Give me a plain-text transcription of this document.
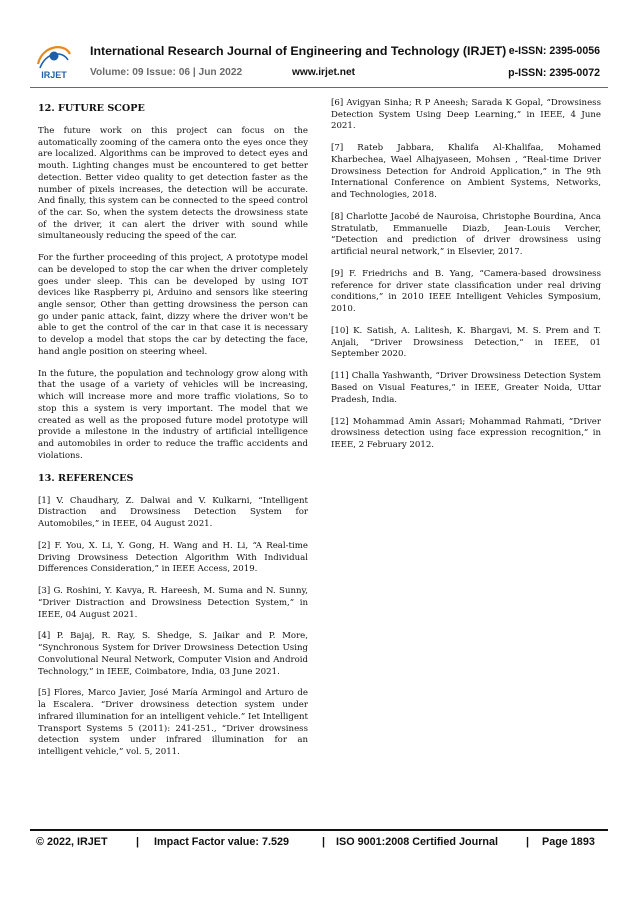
IRJET
International Research Journal of Engineering and Technology (IRJET) e-ISSN: 2395-0056
Volume: 09 Issue: 06 | Jun 2022	www.irjet.net	p-ISSN: 2395-0072
12. FUTURE SCOPE

The future work on this project can focus on the automatically zooming of the camera onto the eyes once they are localized. Algorithms can be improved to detect eyes and mouth. Lighting changes must be encountered to get better detection. Better video quality to get detection faster as the number of pixels increases, the detection will be accurate. And finally, this system can be connected to the speed control of the car. So, when the system detects the drowsiness state of the driver, it can alert the driver with sound while simultaneously reducing the speed of the car.

For the further proceeding of this project, A prototype model can be developed to stop the car when the driver completely goes under sleep. This can be developed by using IOT devices like Raspberry pi, Arduino and sensors like steering angle sensor, Other than getting drowsiness the person can go under panic attack, faint, dizzy where the driver won't be able to get the control of the car in that case it is necessary to develop a model that stops the car by detecting the face, hand angle position on steering wheel.

In the future, the population and technology grow along with that the usage of a variety of vehicles will be increasing, which will increase more and more traffic violations, So to stop this a system is very important. The model that we created as well as the proposed future model prototype will provide a milestone in the industry of artificial intelligence and automobiles in order to reduce the traffic accidents and violations.

13. REFERENCES

[1] V. Chaudhary, Z. Dalwai and V. Kulkarni, “Intelligent Distraction and Drowsiness Detection System for Automobiles,” in IEEE, 04 August 2021.

[2] F. You, X. Li, Y. Gong, H. Wang and H. Li, “A Real-time Driving Drowsiness Detection Algorithm With Individual Differences Consideration,” in IEEE Access, 2019.

[3] G. Roshini, Y. Kavya, R. Hareesh, M. Suma and N. Sunny, “Driver Distraction and Drowsiness Detection System,” in IEEE, 04 August 2021.

[4] P. Bajaj, R. Ray, S. Shedge, S. Jaikar and P. More, “Synchronous System for Driver Drowsiness Detection Using Convolutional Neural Network, Computer Vision and Android Technology,” in IEEE, Coimbatore, India, 03 June 2021.

[5] Flores, Marco Javier, José María Armingol and Arturo de la Escalera. “Driver drowsiness detection system under infrared illumination for an intelligent vehicle.” Iet Intelligent Transport Systems 5 (2011): 241-251., “Driver drowsiness detection system under infrared illumination for an intelligent vehicle,” vol. 5, 2011.

[6] Avigyan Sinha; R P Aneesh; Sarada K Gopal, “Drowsiness Detection System Using Deep Learning,” in IEEE, 4 June 2021.

[7] Rateb Jabbara, Khalifa Al-Khalifaa, Mohamed Kharbechea, Wael Alhajyaseen, Mohsen , “Real-time Driver Drowsiness Detection for Android Application,” in The 9th International Conference on Ambient Systems, Networks, and Technologies, 2018.

[8] Charlotte Jacobé de Nauroisa, Christophe Bourdina, Anca Stratulatb, Emmanuelle Diazb, Jean-Louis Vercher, “Detection and prediction of driver drowsiness using artificial neural network,” in Elsevier, 2017.

[9] F. Friedrichs and B. Yang, “Camera-based drowsiness reference for driver state classification under real driving conditions,” in 2010 IEEE Intelligent Vehicles Symposium, 2010.

[10] K. Satish, A. Lalitesh, K. Bhargavi, M. S. Prem and T. Anjali, “Driver Drowsiness Detection,” in IEEE, 01 September 2020.

[11] Challa Yashwanth, “Driver Drowsiness Detection System Based on Visual Features,” in IEEE, Greater Noida, Uttar Pradesh, India.

[12] Mohammad Amin Assari; Mohammad Rahmati, “Driver drowsiness detection using face expression recognition,” in IEEE, 2 February 2012.

© 2022, IRJET	| Impact Factor value: 7.529	| ISO 9001:2008 Certified Journal	| Page 1893
